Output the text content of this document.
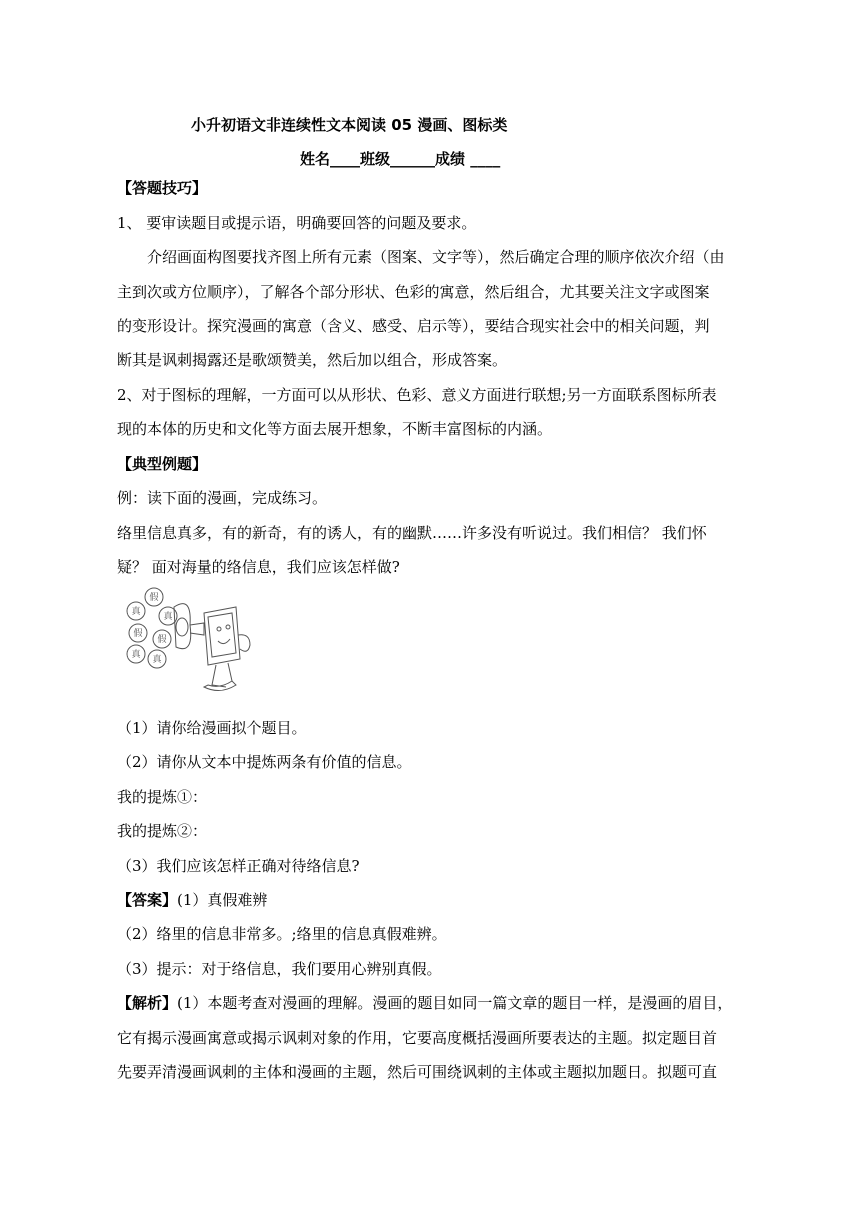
小升初语文非连续性文本阅读 05 漫画、图标类
姓名____班级______成绩 ____
【答题技巧】
1、 要审读题目或提示语，明确要回答的问题及要求。
介绍画面构图要找齐图上所有元素（图案、文字等），然后确定合理的顺序依次介绍（由
主到次或方位顺序），了解各个部分形状、色彩的寓意，然后组合，尤其要关注文字或图案
的变形设计。探究漫画的寓意（含义、感受、启示等），要结合现实社会中的相关问题，判
断其是讽刺揭露还是歌颂赞美，然后加以组合，形成答案。
2、对于图标的理解，一方面可以从形状、色彩、意义方面进行联想;另一方面联系图标所表
现的本体的历史和文化等方面去展开想象，不断丰富图标的内涵。
【典型例题】
例：读下面的漫画，完成练习。
络里信息真多，有的新奇，有的诱人，有的幽默……许多没有听说过。我们相信？ 我们怀
疑？ 面对海量的络信息，我们应该怎样做?
假
真	真
假
假
真 真
（1）请你给漫画拟个题目。
（2）请你从文本中提炼两条有价值的信息。
我的提炼①：
我的提炼②：
（3）我们应该怎样正确对待络信息?
【答案】(1）真假难辨
（2）络里的信息非常多。;络里的信息真假难辨。
（3）提示：对于络信息，我们要用心辨别真假。
【解析】(1）本题考查对漫画的理解。漫画的题目如同一篇文章的题目一样，是漫画的眉目，
它有揭示漫画寓意或揭示讽刺对象的作用，它要高度概括漫画所要表达的主题。拟定题目首
先要弄清漫画讽刺的主体和漫画的主题，然后可围绕讽刺的主体或主题拟加题日。拟题可直
